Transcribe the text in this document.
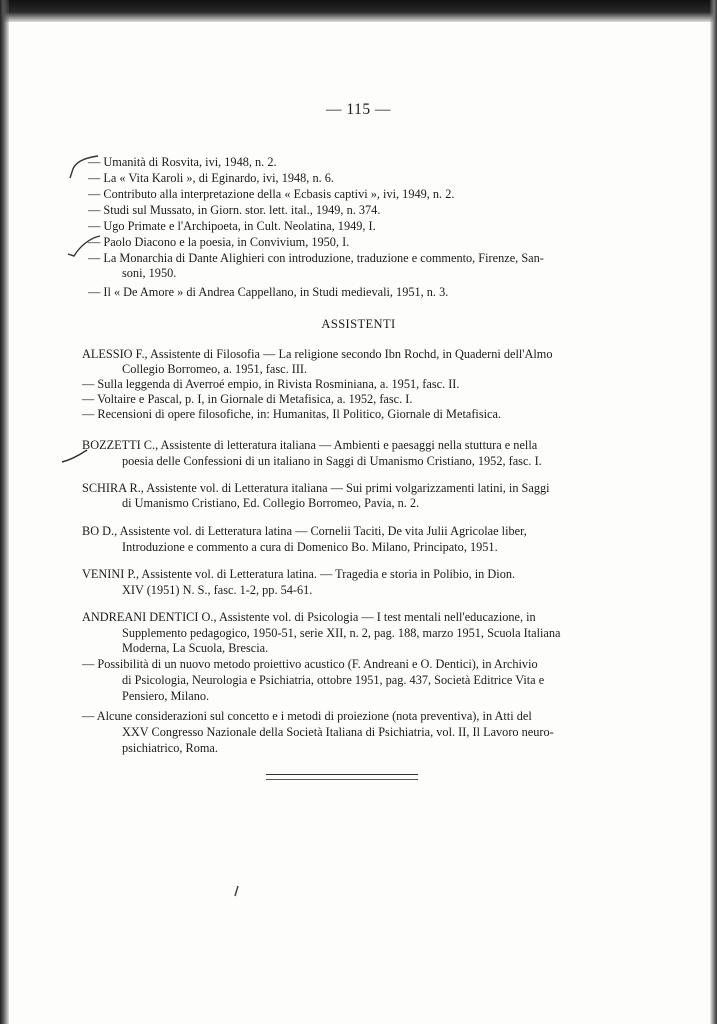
— 115 —
— Umanità di Rosvita, ivi, 1948, n. 2.
— La « Vita Karoli », di Eginardo, ivi, 1948, n. 6.
— Contributo alla interpretazione della « Ecbasis captivi », ivi, 1949, n. 2.
— Studi sul Mussato, in Giorn. stor. lett. ital., 1949, n. 374.
— Ugo Primate e l'Archipoeta, in Cult. Neolatina, 1949, I.
— Paolo Diacono e la poesia, in Convivium, 1950, I.
— La Monarchia di Dante Alighieri con introduzione, traduzione e commento, Firenze, San-
soni, 1950.
— Il « De Amore » di Andrea Cappellano, in Studi medievali, 1951, n. 3.
ASSISTENTI
ALESSIO F., Assistente di Filosofia — La religione secondo Ibn Rochd, in Quaderni dell'Almo
Collegio Borromeo, a. 1951, fasc. III.
— Sulla leggenda di Averroé empio, in Rivista Rosminiana, a. 1951, fasc. II.
— Voltaire e Pascal, p. I, in Giornale di Metafisica, a. 1952, fasc. I.
— Recensioni di opere filosofiche, in: Humanitas, Il Politico, Giornale di Metafisica.
BOZZETTI C., Assistente di letteratura italiana — Ambienti e paesaggi nella stuttura e nella
poesia delle Confessioni di un italiano in Saggi di Umanismo Cristiano, 1952, fasc. I.
SCHIRA R., Assistente vol. di Letteratura italiana — Sui primi volgarizzamenti latini, in Saggi
di Umanismo Cristiano, Ed. Collegio Borromeo, Pavia, n. 2.
BO D., Assistente vol. di Letteratura latina — Cornelii Taciti, De vita Julii Agricolae liber,
Introduzione e commento a cura di Domenico Bo. Milano, Principato, 1951.
VENINI P., Assistente vol. di Letteratura latina. — Tragedia e storia in Polibio, in Dion.
XIV (1951) N. S., fasc. 1-2, pp. 54-61.
ANDREANI DENTICI O., Assistente vol. di Psicologia — I test mentali nell'educazione, in
Supplemento pedagogico, 1950-51, serie XII, n. 2, pag. 188, marzo 1951, Scuola Italiana
Moderna, La Scuola, Brescia.
— Possibilità di un nuovo metodo proiettivo acustico (F. Andreani e O. Dentici), in Archivio
di Psicologia, Neurologia e Psichiatria, ottobre 1951, pag. 437, Società Editrice Vita e
Pensiero, Milano.
— Alcune considerazioni sul concetto e i metodi di proiezione (nota preventiva), in Atti del
XXV Congresso Nazionale della Società Italiana di Psichiatria, vol. II, Il Lavoro neuro-
psichiatrico, Roma.
